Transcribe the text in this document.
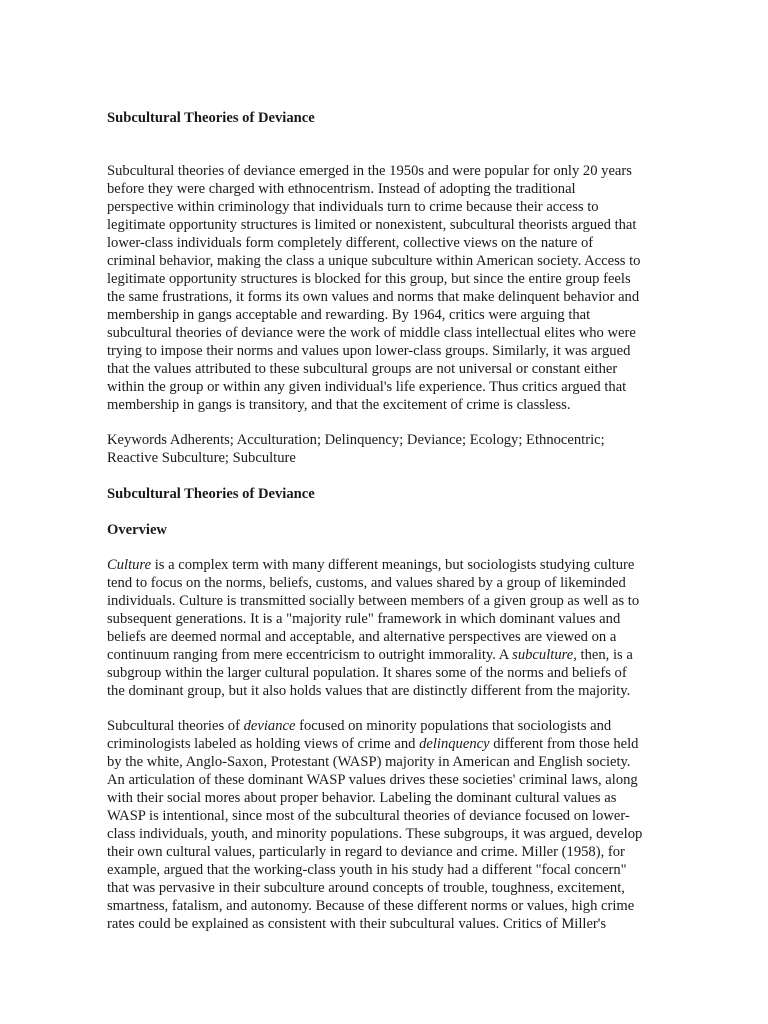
Subcultural Theories of Deviance

Subcultural theories of deviance emerged in the 1950s and were popular for only 20 years
before they were charged with ethnocentrism. Instead of adopting the traditional
perspective within criminology that individuals turn to crime because their access to
legitimate opportunity structures is limited or nonexistent, subcultural theorists argued that
lower-class individuals form completely different, collective views on the nature of
criminal behavior, making the class a unique subculture within American society. Access to
legitimate opportunity structures is blocked for this group, but since the entire group feels
the same frustrations, it forms its own values and norms that make delinquent behavior and
membership in gangs acceptable and rewarding. By 1964, critics were arguing that
subcultural theories of deviance were the work of middle class intellectual elites who were
trying to impose their norms and values upon lower-class groups. Similarly, it was argued
that the values attributed to these subcultural groups are not universal or constant either
within the group or within any given individual's life experience. Thus critics argued that
membership in gangs is transitory, and that the excitement of crime is classless.

Keywords Adherents; Acculturation; Delinquency; Deviance; Ecology; Ethnocentric;
Reactive Subculture; Subculture

Subcultural Theories of Deviance
Overview

Culture is a complex term with many different meanings, but sociologists studying culture
tend to focus on the norms, beliefs, customs, and values shared by a group of likeminded
individuals. Culture is transmitted socially between members of a given group as well as to
subsequent generations. It is a "majority rule" framework in which dominant values and
beliefs are deemed normal and acceptable, and alternative perspectives are viewed on a
continuum ranging from mere eccentricism to outright immorality. A subculture, then, is a
subgroup within the larger cultural population. It shares some of the norms and beliefs of
the dominant group, but it also holds values that are distinctly different from the majority.

Subcultural theories of deviance focused on minority populations that sociologists and
criminologists labeled as holding views of crime and delinquency different from those held
by the white, Anglo-Saxon, Protestant (WASP) majority in American and English society.
An articulation of these dominant WASP values drives these societies' criminal laws, along
with their social mores about proper behavior. Labeling the dominant cultural values as
WASP is intentional, since most of the subcultural theories of deviance focused on lower-
class individuals, youth, and minority populations. These subgroups, it was argued, develop
their own cultural values, particularly in regard to deviance and crime. Miller (1958), for
example, argued that the working-class youth in his study had a different "focal concern"
that was pervasive in their subculture around concepts of trouble, toughness, excitement,
smartness, fatalism, and autonomy. Because of these different norms or values, high crime
rates could be explained as consistent with their subcultural values. Critics of Miller's
